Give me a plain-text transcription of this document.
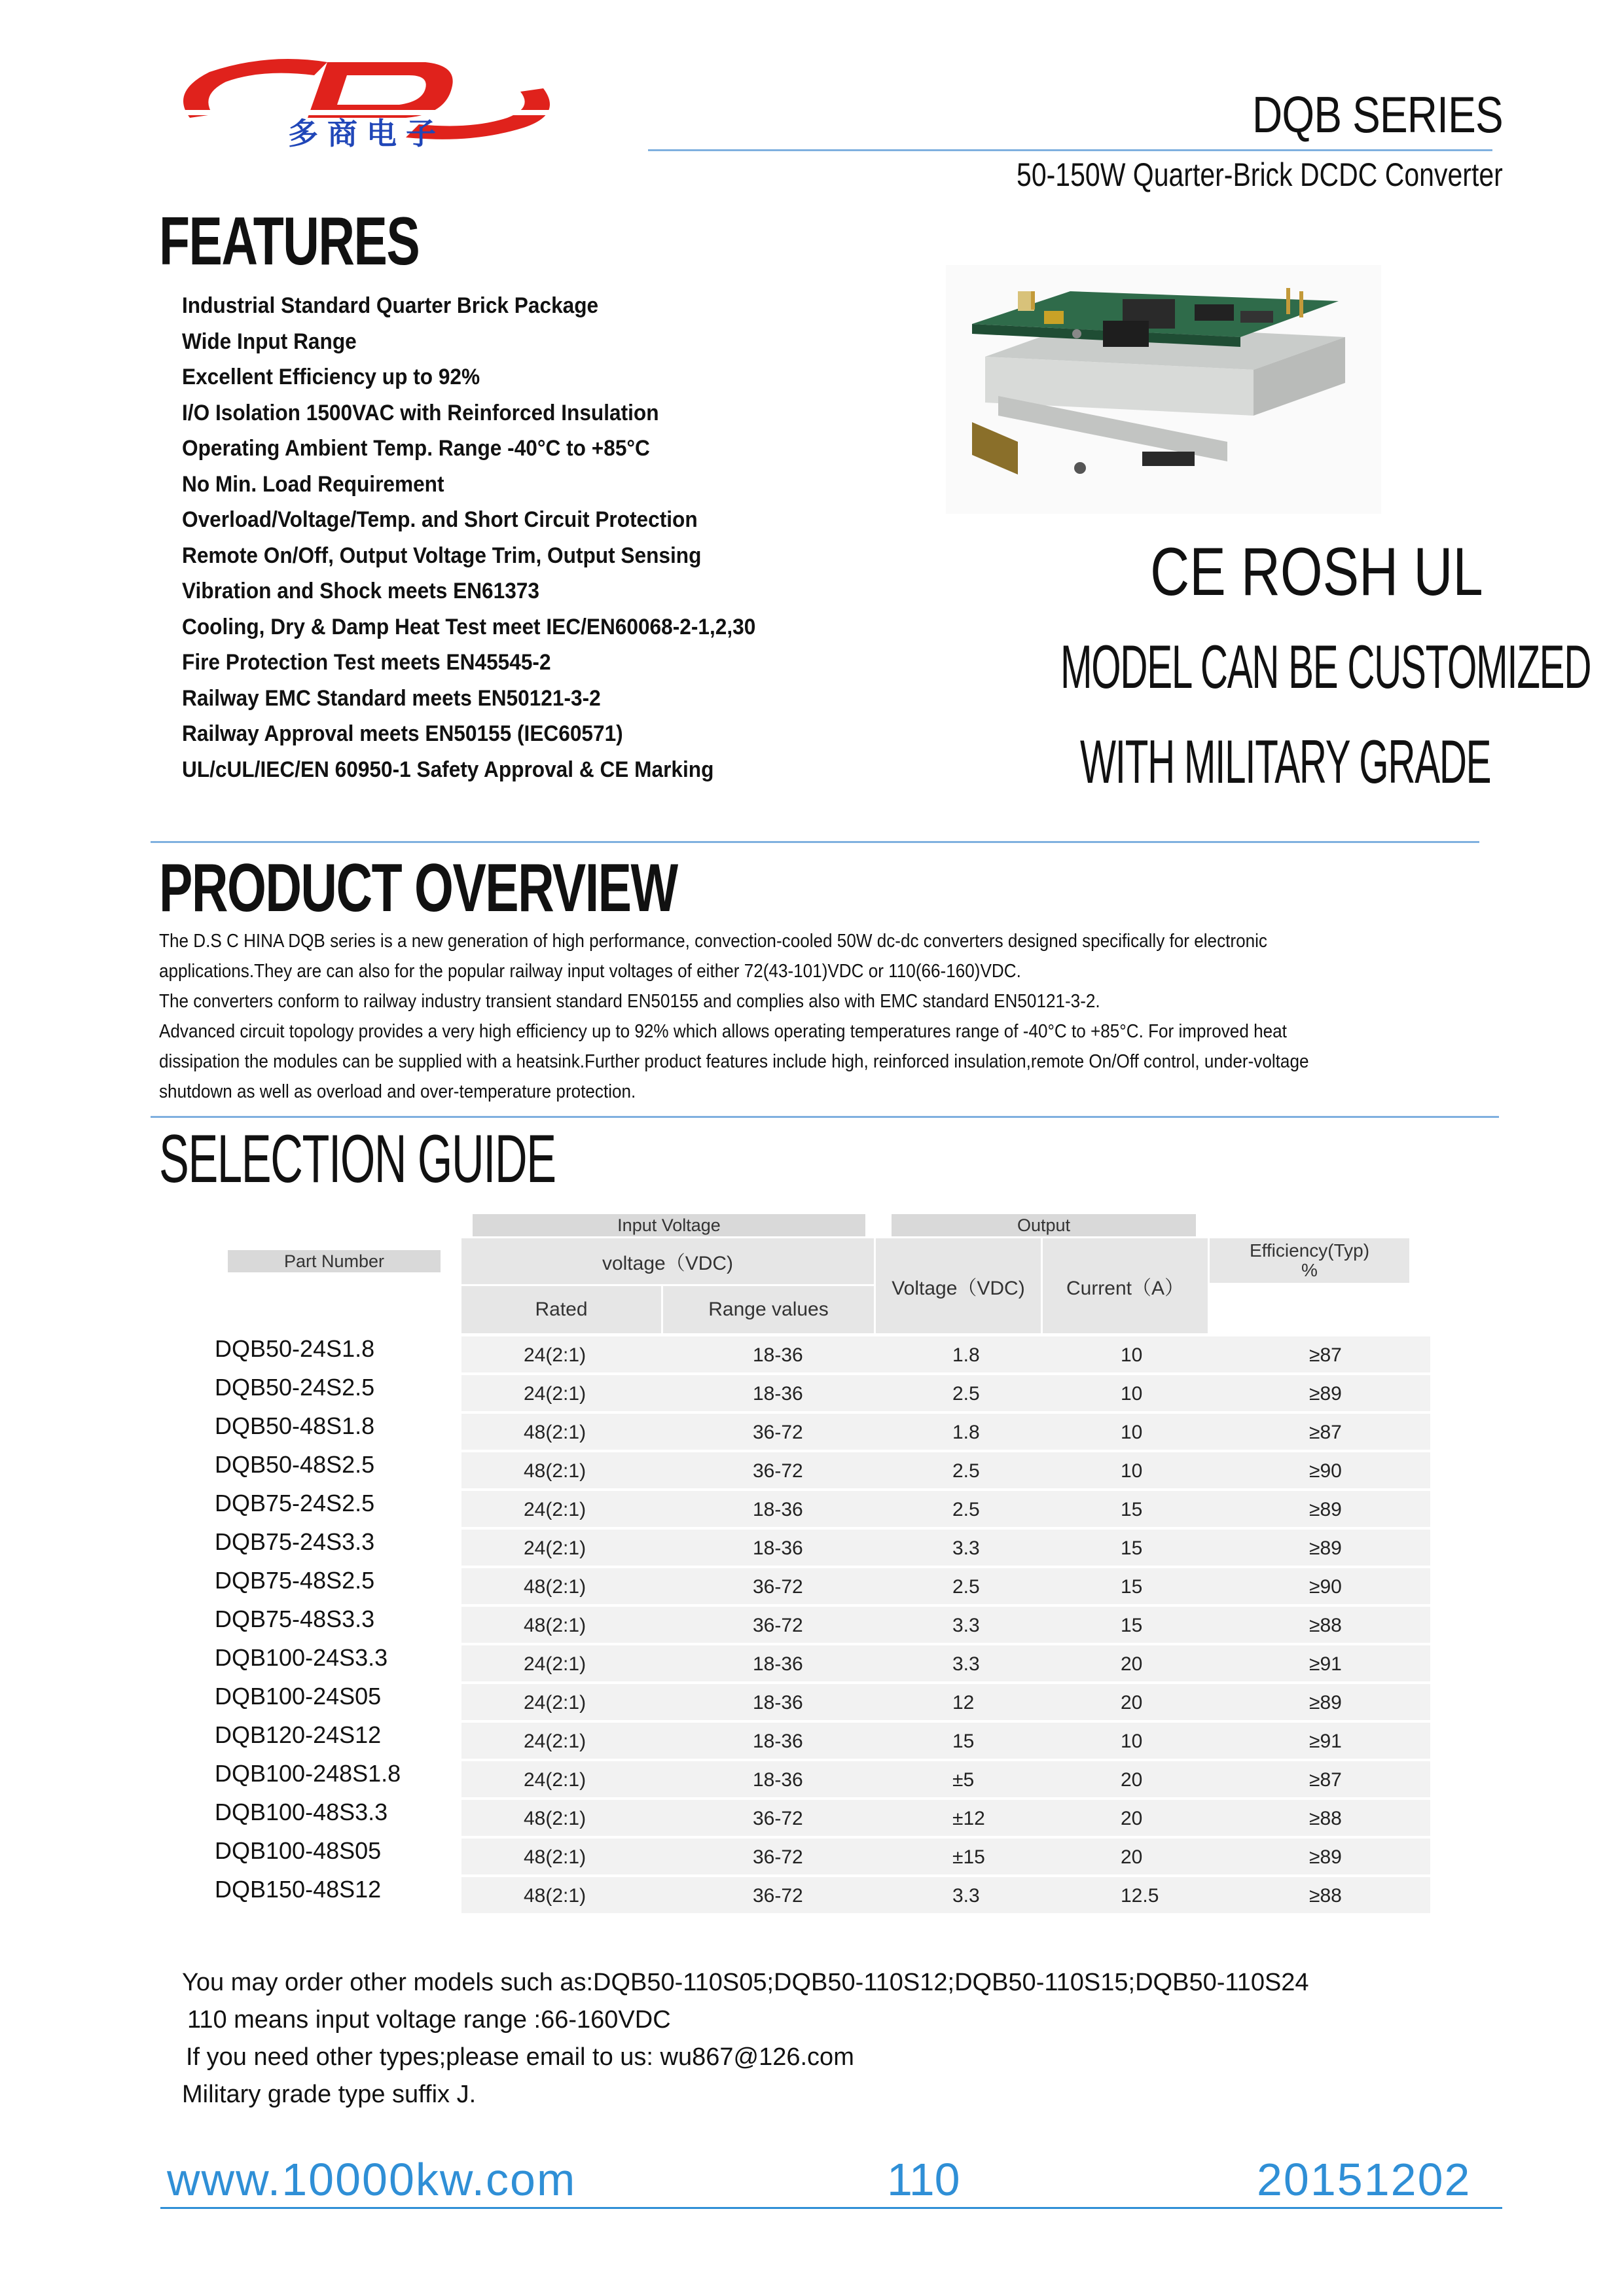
多商电子	DQB SERIES
50-150W Quarter-Brick DCDC Converter
FEATURES
Industrial Standard Quarter Brick Package
Wide Input Range
Excellent Efficiency up to 92%
I/O Isolation 1500VAC with Reinforced Insulation
Operating Ambient Temp. Range -40°C to +85°C
No Min. Load Requirement
Overload/Voltage/Temp. and Short Circuit Protection
Remote On/Off, Output Voltage Trim, Output Sensing
Vibration and Shock meets EN61373
Cooling, Dry & Damp Heat Test meet IEC/EN60068-2-1,2,30
Fire Protection Test meets EN45545-2
Railway EMC Standard meets EN50121-3-2
Railway Approval meets EN50155 (IEC60571)
UL/cUL/IEC/EN 60950-1 Safety Approval & CE Marking
CE ROSH UL
MODEL CAN BE CUSTOMIZED
WITH MILITARY GRADE
PRODUCT OVERVIEW

The D.S C HINA DQB series is a new generation of high performance, convection-cooled 50W dc-dc converters designed specifically for electronic

applications.They are can also for the popular railway input voltages of either 72(43-101)VDC or 110(66-160)VDC.

The converters conform to railway industry transient standard EN50155 and complies also with EMC standard EN50121-3-2.

Advanced circuit topology provides a very high efficiency up to 92% which allows operating temperatures range of -40°C to +85°C. For improved heat

dissipation the modules can be supplied with a heatsink.Further product features include high, reinforced insulation,remote On/Off control, under-voltage

shutdown as well as overload and over-temperature protection.

SELECTION GUIDE
Input Voltage	Output
Part Number	voltage（VDC)
Rated	Range values
Voltage（VDC)	Current（A）
Efficiency(Typ)
%
DQB50-24S1.8	24(2:1)	18-36	1.8	10	≥87
DQB50-24S2.5	24(2:1)	18-36	2.5	10	≥89
DQB50-48S1.8	48(2:1)	36-72	1.8	10	≥87
DQB50-48S2.5	48(2:1)	36-72	2.5	10	≥90
DQB75-24S2.5	24(2:1)	18-36	2.5	15	≥89
DQB75-24S3.3	24(2:1)	18-36	3.3	15	≥89
DQB75-48S2.5	48(2:1)	36-72	2.5	15	≥90
DQB75-48S3.3	48(2:1)	36-72	3.3	15	≥88
DQB100-24S3.3	24(2:1)	18-36	3.3	20	≥91
DQB100-24S05	24(2:1)	18-36	12	20	≥89
DQB120-24S12	24(2:1)	18-36	15	10	≥91
DQB100-248S1.8	24(2:1)	18-36	±5	20	≥87
DQB100-48S3.3	48(2:1)	36-72	±12	20	≥88
DQB100-48S05	48(2:1)	36-72	±15	20	≥89
DQB150-48S12	48(2:1)	36-72	3.3	12.5	≥88

You may order other models such as:DQB50-110S05;DQB50-110S12;DQB50-110S15;DQB50-110S24

110 means input voltage range :66-160VDC

If you need other types;please email to us: wu867@126.com

Military grade type suffix J.

www.10000kw.com	110	20151202
